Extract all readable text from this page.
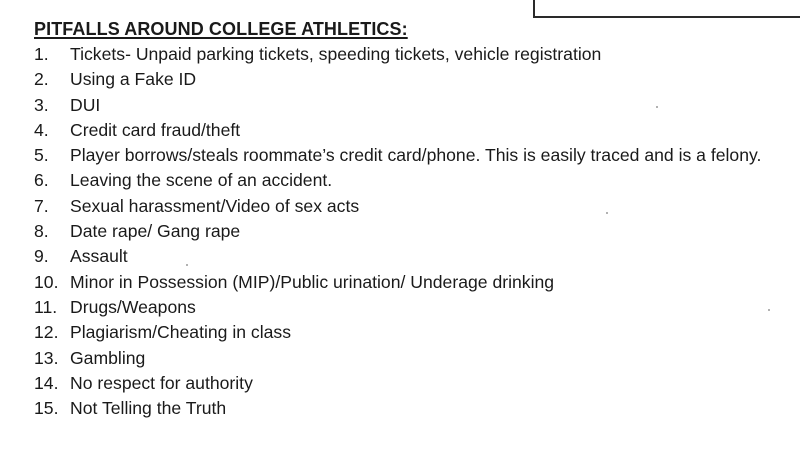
PITFALLS AROUND COLLEGE ATHLETICS:
1.	Tickets- Unpaid parking tickets, speeding tickets, vehicle registration
2.	Using a Fake ID
3.	DUI
4.	Credit card fraud/theft
5.	Player borrows/steals roommate’s credit card/phone. This is easily traced and is a felony.
6.	Leaving the scene of an accident.
7.	Sexual harassment/Video of sex acts
8.	Date rape/ Gang rape
9.	Assault
10. Minor in Possession (MIP)/Public urination/ Underage drinking
11. Drugs/Weapons
12. Plagiarism/Cheating in class
13. Gambling
14. No respect for authority
15. Not Telling the Truth
